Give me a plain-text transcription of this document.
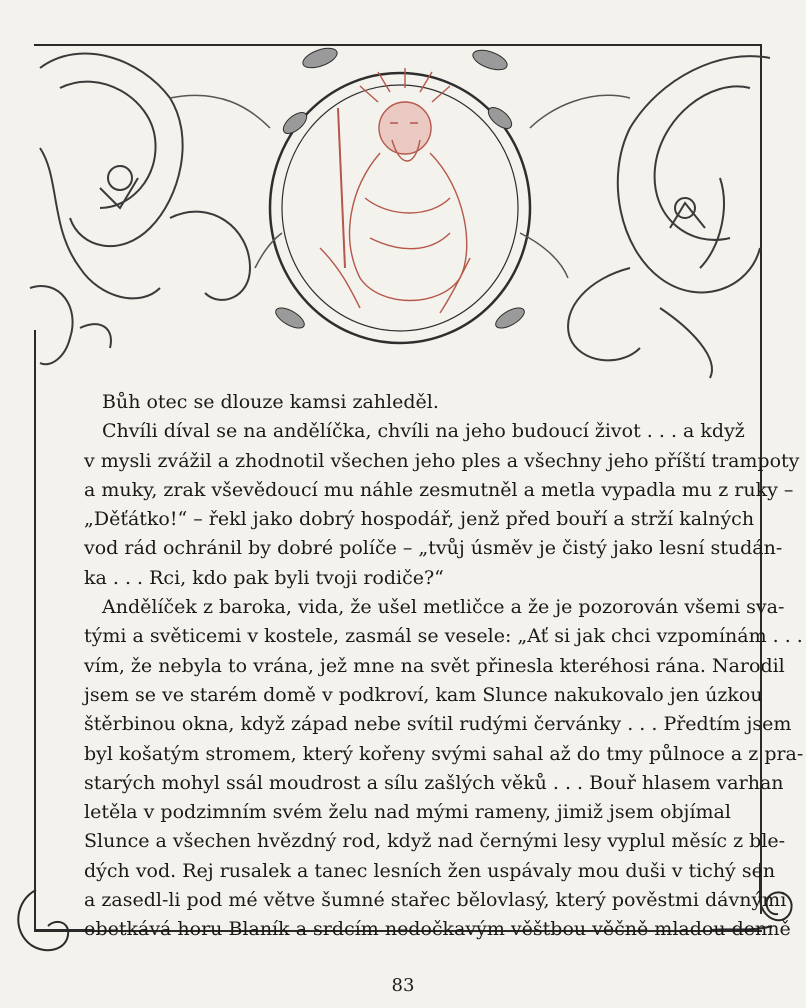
Bůh otec se dlouze kamsi zahleděl.
Chvíli díval se na andělíčka, chvíli na jeho budoucí život . . . a když
v mysli zvážil a zhodnotil všechen jeho ples a všechny jeho příští trampoty
a muky, zrak vševědoucí mu náhle zesmutněl a metla vypadla mu z ruky –
„Děťátko!“ – řekl jako dobrý hospodář, jenž před bouří a strží kalných
vod rád ochránil by dobré políče – „tvůj úsměv je čistý jako lesní studán-
ka . . . Rci, kdo pak byli tvoji rodiče?“
Andělíček z baroka, vida, že ušel metličce a že je pozorován všemi sva-
tými a světicemi v kostele, zasmál se vesele: „Ať si jak chci vzpomínám . . .
vím, že nebyla to vrána, jež mne na svět přinesla kteréhosi rána. Narodil
jsem se ve starém domě v podkroví, kam Slunce nakukovalo jen úzkou
štěrbinou okna, když západ nebe svítil rudými červánky . . . Předtím jsem
byl košatým stromem, který kořeny svými sahal až do tmy půlnoce a z pra-
starých mohyl ssál moudrost a sílu zašlých věků . . . Bouř hlasem varhan
letěla v podzimním svém želu nad mými rameny, jimiž jsem objímal
Slunce a všechen hvězdný rod, když nad černými lesy vyplul měsíc z ble-
dých vod. Rej rusalek a tanec lesních žen uspávaly mou duši v tichý sen
a zasedl-li pod mé větve šumné stařec bělovlasý, který pověstmi dávnými
obetkává horu Blaník a srdcím nedočkavým věštbou věčně mladou denně
83
